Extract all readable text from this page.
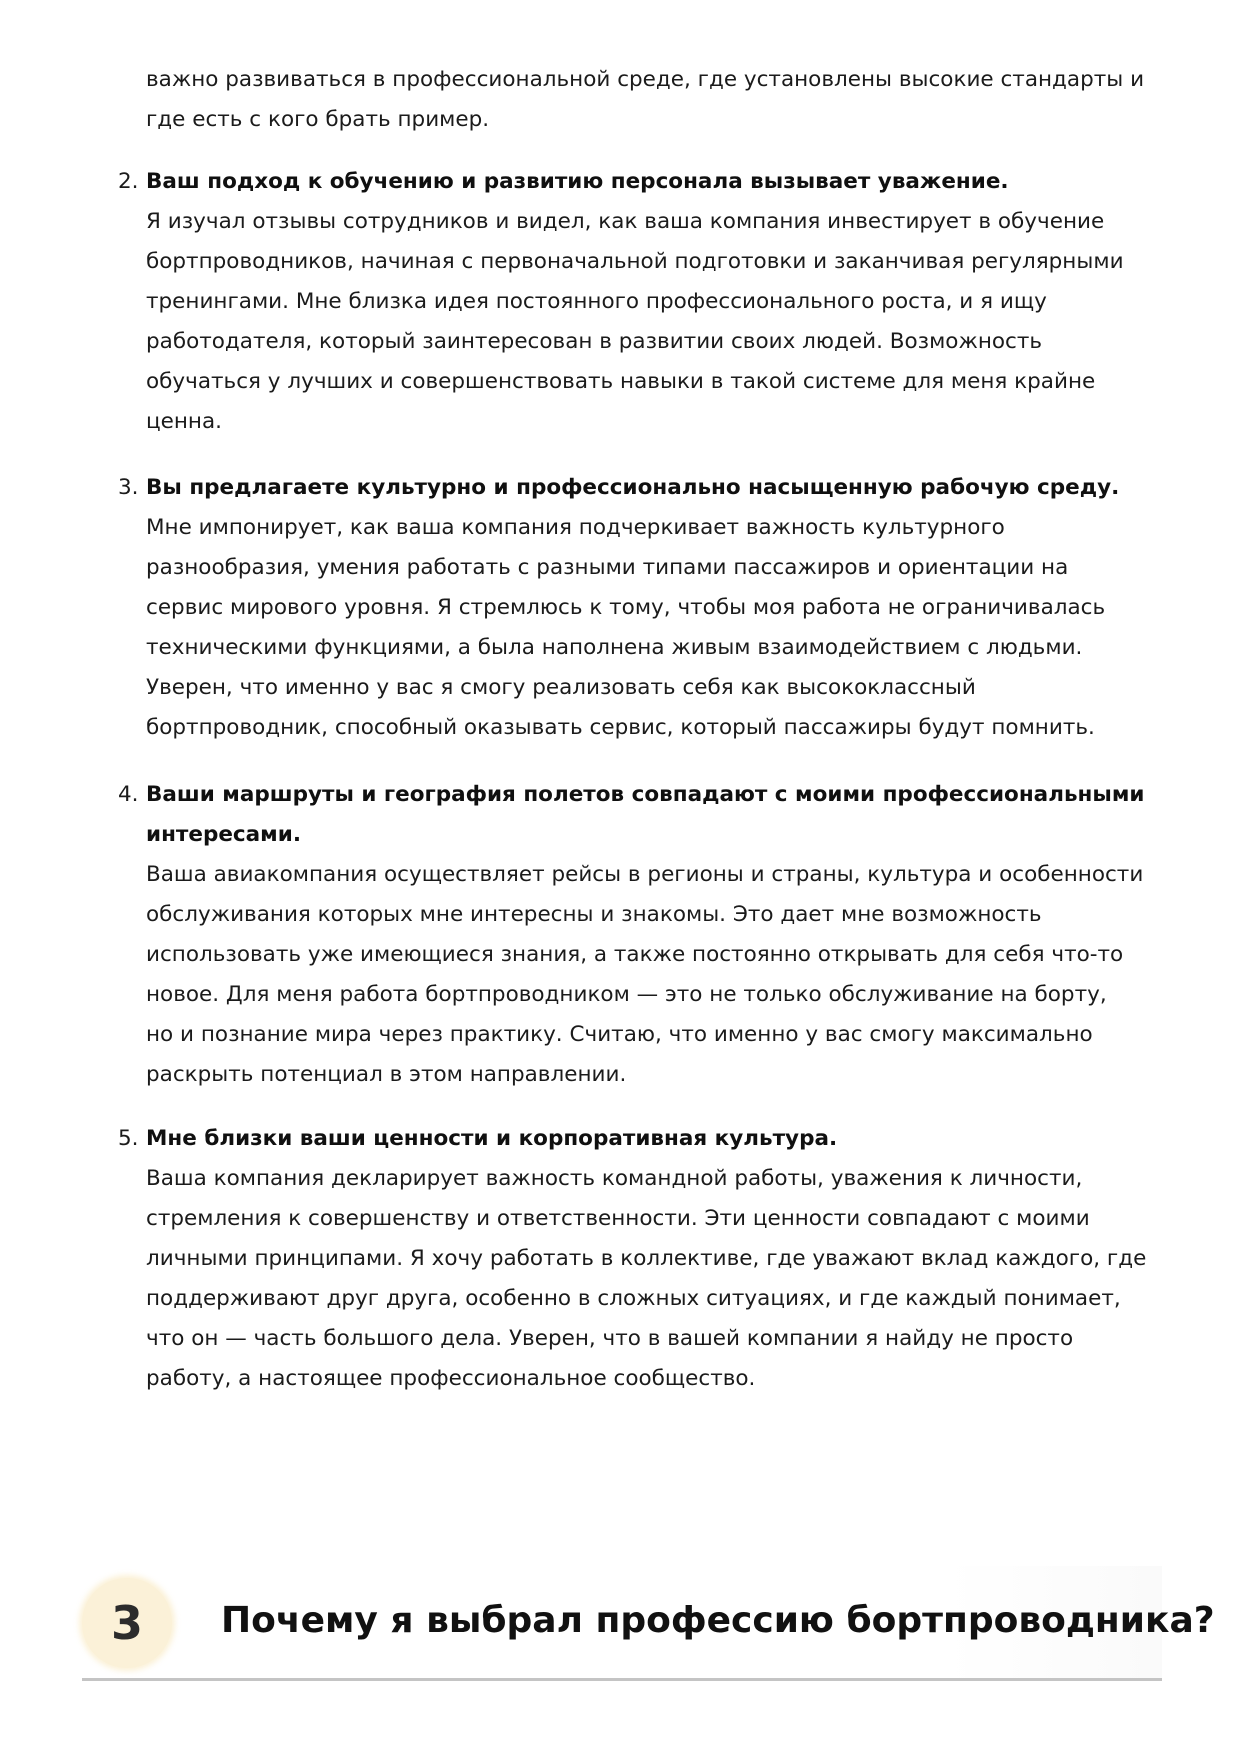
важно развиваться в профессиональной среде, где установлены высокие стандарты и
где есть с кого брать пример.
2. Ваш подход к обучению и развитию персонала вызывает уважение.
Я изучал отзывы сотрудников и видел, как ваша компания инвестирует в обучение
бортпроводников, начиная с первоначальной подготовки и заканчивая регулярными
тренингами. Мне близка идея постоянного профессионального роста, и я ищу
работодателя, который заинтересован в развитии своих людей. Возможность
обучаться у лучших и совершенствовать навыки в такой системе для меня крайне
ценна.
3. Вы предлагаете культурно и профессионально насыщенную рабочую среду.
Мне импонирует, как ваша компания подчеркивает важность культурного
разнообразия, умения работать с разными типами пассажиров и ориентации на
сервис мирового уровня. Я стремлюсь к тому, чтобы моя работа не ограничивалась
техническими функциями, а была наполнена живым взаимодействием с людьми.
Уверен, что именно у вас я смогу реализовать себя как высококлассный
бортпроводник, способный оказывать сервис, который пассажиры будут помнить.
4. Ваши маршруты и география полетов совпадают с моими профессиональными
интересами.
Ваша авиакомпания осуществляет рейсы в регионы и страны, культура и особенности
обслуживания которых мне интересны и знакомы. Это дает мне возможность
использовать уже имеющиеся знания, а также постоянно открывать для себя что-то
новое. Для меня работа бортпроводником — это не только обслуживание на борту,
но и познание мира через практику. Считаю, что именно у вас смогу максимально
раскрыть потенциал в этом направлении.
5. Мне близки ваши ценности и корпоративная культура.
Ваша компания декларирует важность командной работы, уважения к личности,
стремления к совершенству и ответственности. Эти ценности совпадают с моими
личными принципами. Я хочу работать в коллективе, где уважают вклад каждого, где
поддерживают друг друга, особенно в сложных ситуациях, и где каждый понимает,
что он — часть большого дела. Уверен, что в вашей компании я найду не просто
работу, а настоящее профессиональное сообщество.
3	Почему я выбрал профессию бортпроводника?
